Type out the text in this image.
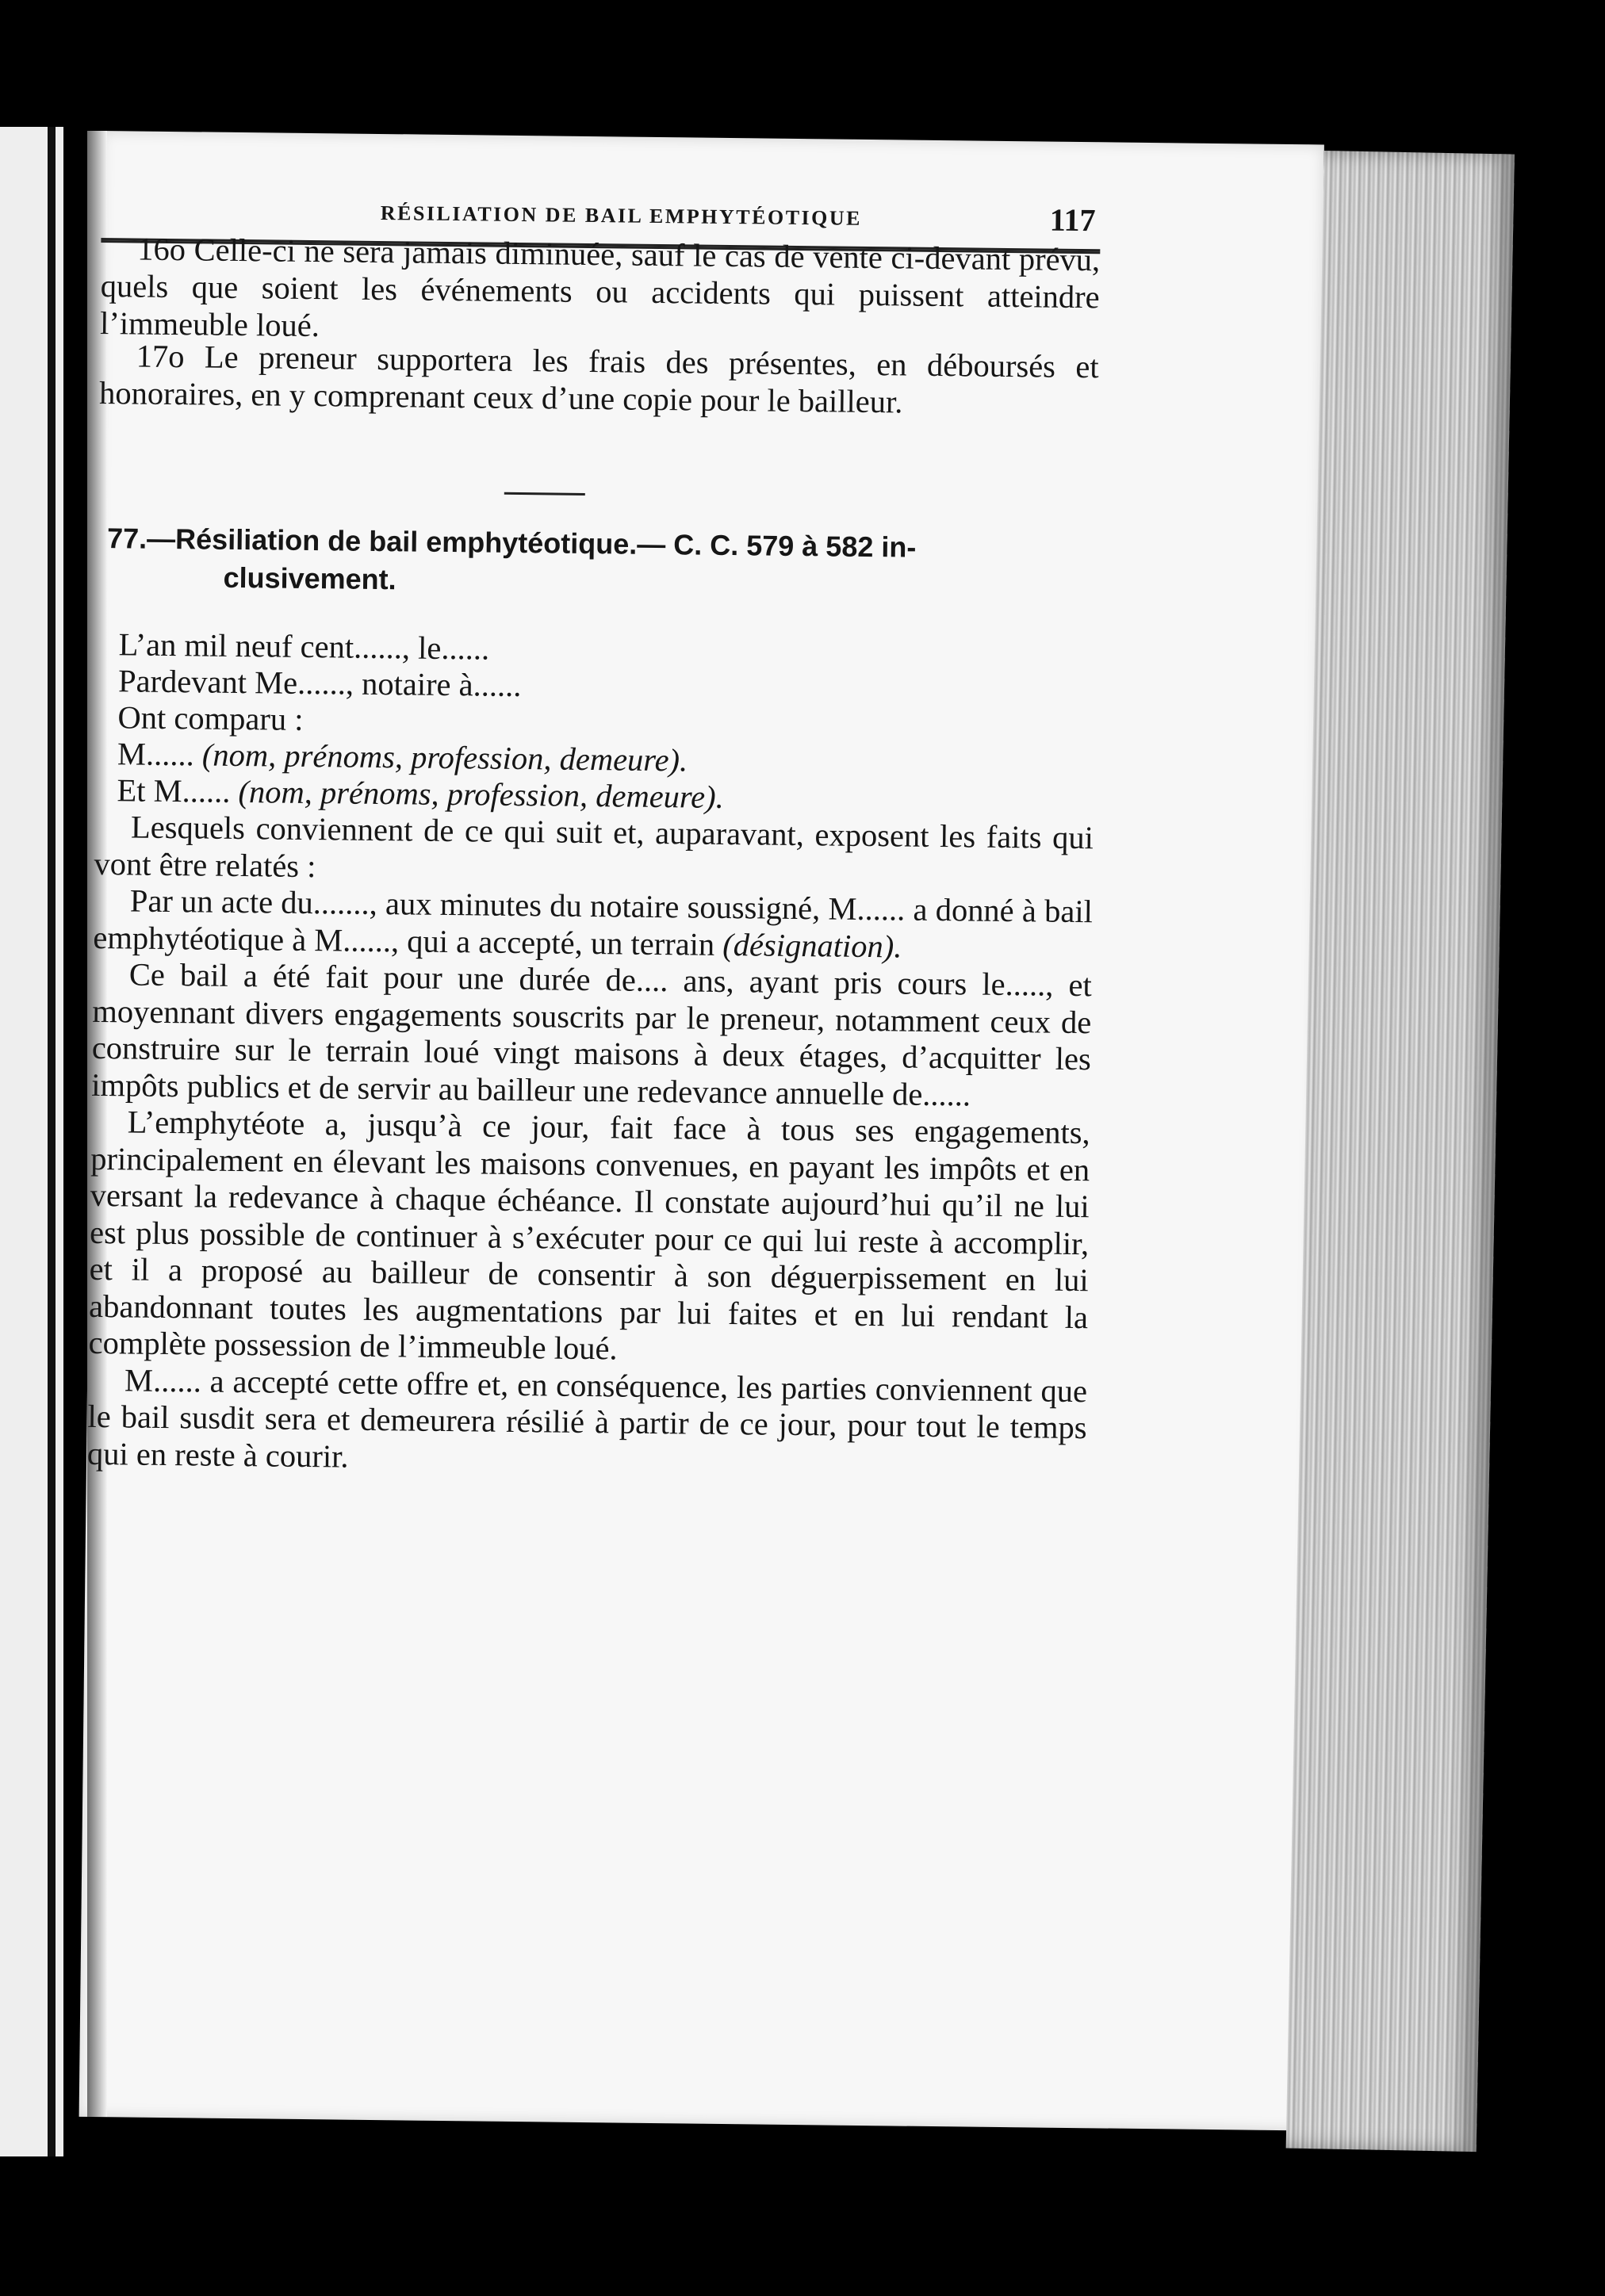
RÉSILIATION DE BAIL EMPHYTÉOTIQUE	117
16o Celle-ci ne sera jamais diminuée, sauf le cas de vente ci-devant prévu, quels que soient les événements ou accidents qui puissent atteindre l’immeuble loué.
17o Le preneur supportera les frais des présentes, en déboursés et honoraires, en y comprenant ceux d’une copie pour le bailleur.
77.—Résiliation de bail emphytéotique.— C. C. 579 à 582 in-
clusivement.
L’an mil neuf cent......, le......
Pardevant Me......, notaire à......
Ont comparu :
M...... (nom, prénoms, profession, demeure).
Et M...... (nom, prénoms, profession, demeure).

Lesquels conviennent de ce qui suit et, auparavant, exposent les faits qui vont être relatés :

Par un acte du......., aux minutes du notaire soussigné, M...... a donné à bail emphytéotique à M......, qui a accepté, un terrain (désignation).

Ce bail a été fait pour une durée de.... ans, ayant pris cours le....., et moyennant divers engagements souscrits par le preneur, notamment ceux de construire sur le terrain loué vingt maisons à deux étages, d’acquitter les impôts publics et de servir au bailleur une redevance annuelle de......

L’emphytéote a, jusqu’à ce jour, fait face à tous ses engagements, principalement en élevant les maisons convenues, en payant les impôts et en versant la redevance à chaque échéance. Il constate aujourd’hui qu’il ne lui est plus possible de continuer à s’exécuter pour ce qui lui reste à accomplir, et il a proposé au bailleur de consentir à son déguerpissement en lui abandonnant toutes les augmentations par lui faites et en lui rendant la complète possession de l’immeuble loué.

M...... a accepté cette offre et, en conséquence, les parties conviennent que le bail susdit sera et demeurera résilié à partir de ce jour, pour tout le temps qui en reste à courir.
